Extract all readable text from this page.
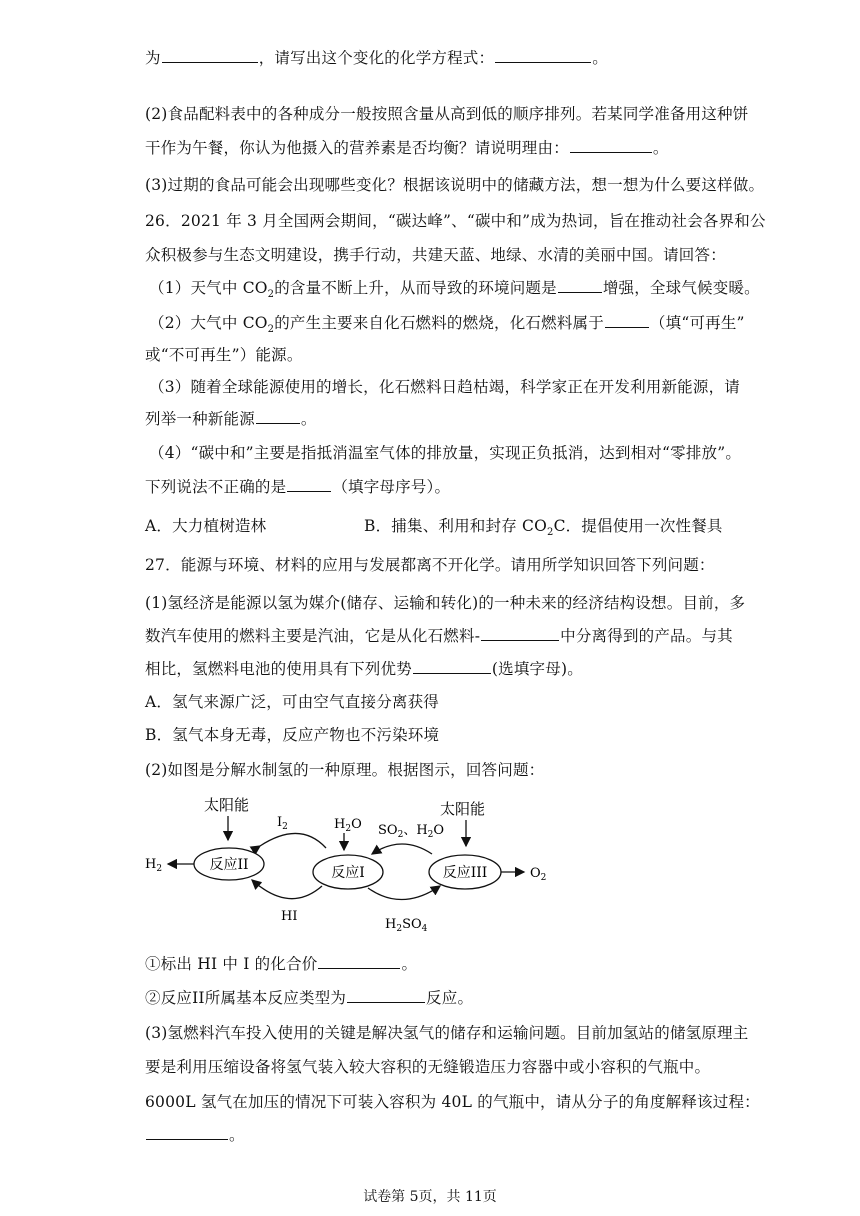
为	，请写出这个变化的化学方程式：	。
(2)食品配料表中的各种成分一般按照含量从高到低的顺序排列。若某同学准备用这种饼
干作为午餐，你认为他摄入的营养素是否均衡？请说明理由：	。
(3)过期的食品可能会出现哪些变化？根据该说明中的储藏方法，想一想为什么要这样做。
26．2021 年 3 月全国两会期间，“碳达峰”、“碳中和”成为热词，旨在推动社会各界和公
众积极参与生态文明建设，携手行动，共建天蓝、地绿、水清的美丽中国。请回答：
（1）天气中 $CO_2$的含量不断上升，从而导致的环境问题是	增强，全球气候变暖。
（2）大气中 $CO_2$的产生主要来自化石燃料的燃烧，化石燃料属于	（填“可再生”
或“不可再生”）能源。
（3）随着全球能源使用的增长，化石燃料日趋枯竭，科学家正在开发利用新能源，请
列举一种新能源	。
（4）“碳中和”主要是指抵消温室气体的排放量，实现正负抵消，达到相对“零排放”。
下列说法不正确的是	（填字母序号）。
A．大力植树造林	B．捕集、利用和封存 $CO_2C$．提倡使用一次性餐具
27．能源与环境、材料的应用与发展都离不开化学。请用所学知识回答下列问题：
(1)氢经济是能源以氢为媒介(储存、运输和转化)的一种未来的经济结构设想。目前，多
数汽车使用的燃料主要是汽油，它是从化石燃料-	中分离得到的产品。与其
相比，氢燃料电池的使用具有下列优势	(选填字母)。
A．氢气来源广泛，可由空气直接分离获得
B．氢气本身无毒，反应产物也不污染环境
(2)如图是分解水制氢的一种原理。根据图示，回答问题：
太阳能
$I_2$	$H_2O$ $SO_2$、$H_2O$
太阳能
$H_2$	反应II	反应I	反应III	$O_2$
HI
$H_2SO_4$
①标出 HI 中 I 的化合价	。
②反应II所属基本反应类型为	反应。
(3)氢燃料汽车投入使用的关键是解决氢气的储存和运输问题。目前加氢站的储氢原理主
要是利用压缩设备将氢气装入较大容积的无缝锻造压力容器中或小容积的气瓶中。
6000L 氢气在加压的情况下可装入容积为 40L 的气瓶中，请从分子的角度解释该过程：
。
试卷第 5页，共 11页
